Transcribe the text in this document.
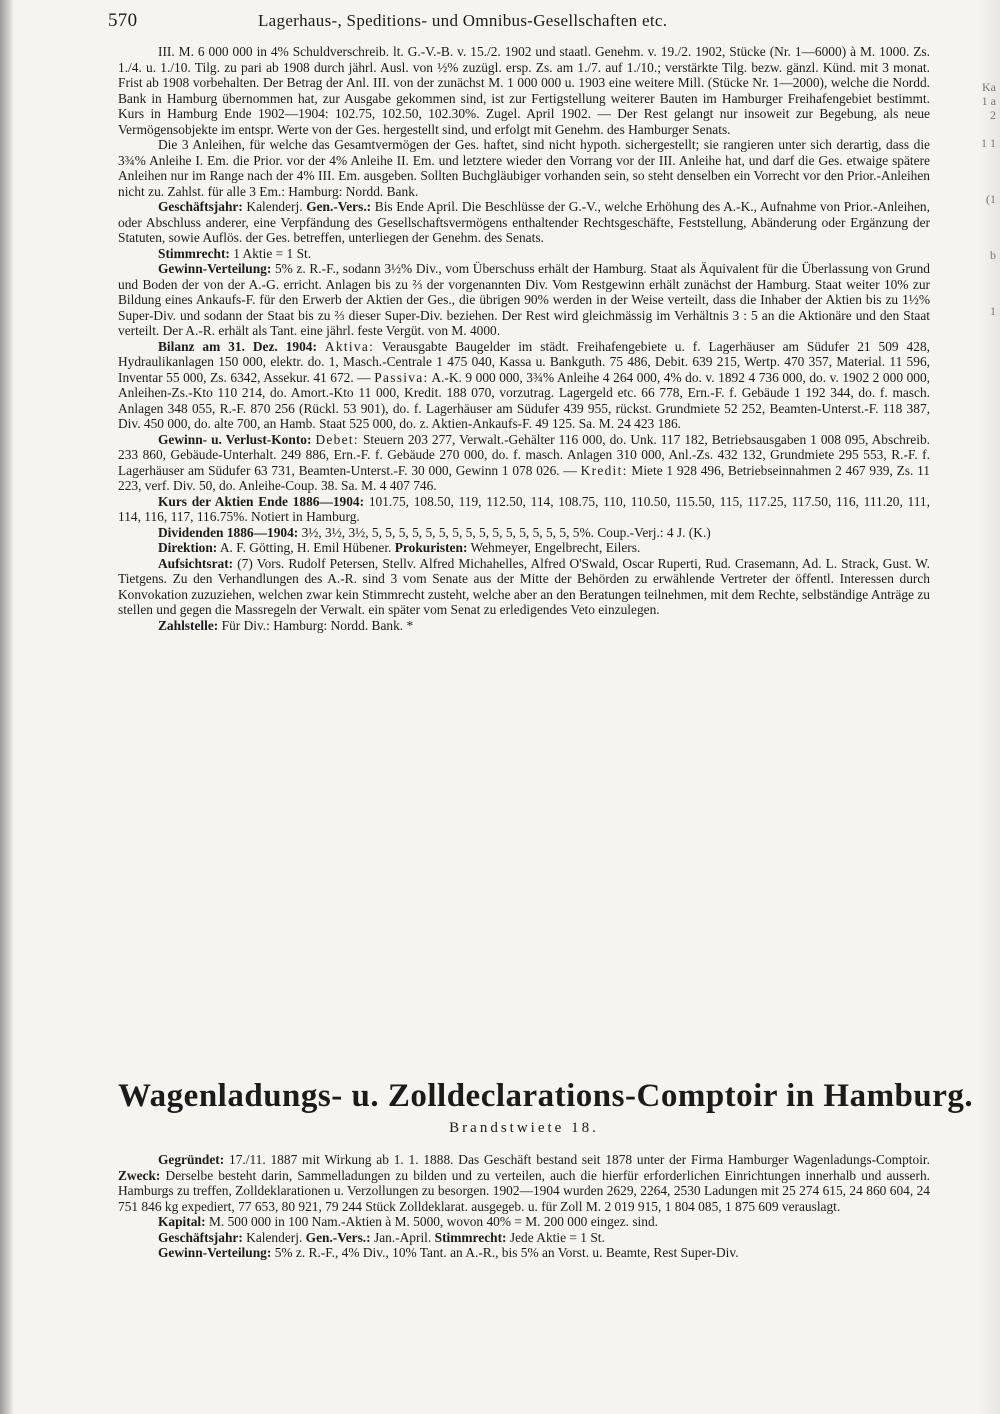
570	Lagerhaus-, Speditions- und Omnibus-Gesellschaften etc.

III. M. 6 000 000 in 4% Schuldverschreib. lt. G.-V.-B. v. 15./2. 1902 und staatl. Genehm. v. 19./2. 1902, Stücke (Nr. 1—6000) à M. 1000. Zs. 1./4. u. 1./10. Tilg. zu pari ab 1908 durch jährl. Ausl. von ½% zuzügl. ersp. Zs. am 1./7. auf 1./10.; verstärkte Tilg. bezw. gänzl. Künd. mit 3 monat. Frist ab 1908 vorbehalten. Der Betrag der Anl. III. von der zunächst M. 1 000 000 u. 1903 eine weitere Mill. (Stücke Nr. 1—2000), welche die Nordd. Bank in Hamburg übernommen hat, zur Ausgabe gekommen sind, ist zur Fertigstellung weiterer Bauten im Hamburger Freihafengebiet bestimmt. Kurs in Hamburg Ende 1902—1904: 102.75, 102.50, 102.30%. Zugel. April 1902. — Der Rest gelangt nur insoweit zur Begebung, als neue Vermögensobjekte im entspr. Werte von der Ges. hergestellt sind, und erfolgt mit Genehm. des Hamburger Senats.

Die 3 Anleihen, für welche das Gesamtvermögen der Ges. haftet, sind nicht hypoth. sichergestellt; sie rangieren unter sich derartig, dass die 3¾% Anleihe I. Em. die Prior. vor der 4% Anleihe II. Em. und letztere wieder den Vorrang vor der III. Anleihe hat, und darf die Ges. etwaige spätere Anleihen nur im Range nach der 4% III. Em. ausgeben. Sollten Buchgläubiger vorhanden sein, so steht denselben ein Vorrecht vor den Prior.-Anleihen nicht zu. Zahlst. für alle 3 Em.: Hamburg: Nordd. Bank.

Geschäftsjahr: Kalenderj. Gen.-Vers.: Bis Ende April. Die Beschlüsse der G.-V., welche Erhöhung des A.-K., Aufnahme von Prior.-Anleihen, oder Abschluss anderer, eine Verpfändung des Gesellschaftsvermögens enthaltender Rechtsgeschäfte, Feststellung, Abänderung oder Ergänzung der Statuten, sowie Auflös. der Ges. betreffen, unterliegen der Genehm. des Senats.

Stimmrecht: 1 Aktie = 1 St.

Gewinn-Verteilung: 5% z. R.-F., sodann 3½% Div., vom Überschuss erhält der Hamburg. Staat als Äquivalent für die Überlassung von Grund und Boden der von der A.-G. erricht. Anlagen bis zu ⅔ der vorgenannten Div. Vom Restgewinn erhält zunächst der Hamburg. Staat weiter 10% zur Bildung eines Ankaufs-F. für den Erwerb der Aktien der Ges., die übrigen 90% werden in der Weise verteilt, dass die Inhaber der Aktien bis zu 1½% Super-Div. und sodann der Staat bis zu ⅔ dieser Super-Div. beziehen. Der Rest wird gleichmässig im Verhältnis 3 : 5 an die Aktionäre und den Staat verteilt. Der A.-R. erhält als Tant. eine jährl. feste Vergüt. von M. 4000.

Bilanz am 31. Dez. 1904: Aktiva: Verausgabte Baugelder im städt. Freihafengebiete u. f. Lagerhäuser am Südufer 21 509 428, Hydraulikanlagen 150 000, elektr. do. 1, Masch.-Centrale 1 475 040, Kassa u. Bankguth. 75 486, Debit. 639 215, Wertp. 470 357, Material. 11 596, Inventar 55 000, Zs. 6342, Assekur. 41 672. — Passiva: A.-K. 9 000 000, 3¾% Anleihe 4 264 000, 4% do. v. 1892 4 736 000, do. v. 1902 2 000 000, Anleihen-Zs.-Kto 110 214, do. Amort.-Kto 11 000, Kredit. 188 070, vorzutrag. Lagergeld etc. 66 778, Ern.-F. f. Gebäude 1 192 344, do. f. masch. Anlagen 348 055, R.-F. 870 256 (Rückl. 53 901), do. f. Lagerhäuser am Südufer 439 955, rückst. Grundmiete 52 252, Beamten-Unterst.-F. 118 387, Div. 450 000, do. alte 700, an Hamb. Staat 525 000, do. z. Aktien-Ankaufs-F. 49 125. Sa. M. 24 423 186.

Gewinn- u. Verlust-Konto: Debet: Steuern 203 277, Verwalt.-Gehälter 116 000, do. Unk. 117 182, Betriebsausgaben 1 008 095, Abschreib. 233 860, Gebäude-Unterhalt. 249 886, Ern.-F. f. Gebäude 270 000, do. f. masch. Anlagen 310 000, Anl.-Zs. 432 132, Grundmiete 295 553, R.-F. f. Lagerhäuser am Südufer 63 731, Beamten-Unterst.-F. 30 000, Gewinn 1 078 026. — Kredit: Miete 1 928 496, Betriebseinnahmen 2 467 939, Zs. 11 223, verf. Div. 50, do. Anleihe-Coup. 38. Sa. M. 4 407 746.

Kurs der Aktien Ende 1886—1904: 101.75, 108.50, 119, 112.50, 114, 108.75, 110, 110.50, 115.50, 115, 117.25, 117.50, 116, 111.20, 111, 114, 116, 117, 116.75%. Notiert in Hamburg.

Dividenden 1886—1904: 3½, 3½, 3½, 5, 5, 5, 5, 5, 5, 5, 5, 5, 5, 5, 5, 5, 5, 5, 5%. Coup.-Verj.: 4 J. (K.)

Direktion: A. F. Götting, H. Emil Hübener. Prokuristen: Wehmeyer, Engelbrecht, Eilers.

Aufsichtsrat: (7) Vors. Rudolf Petersen, Stellv. Alfred Michahelles, Alfred O'Swald, Oscar Ruperti, Rud. Crasemann, Ad. L. Strack, Gust. W. Tietgens. Zu den Verhandlungen des A.-R. sind 3 vom Senate aus der Mitte der Behörden zu erwählende Vertreter der öffentl. Interessen durch Konvokation zuzuziehen, welchen zwar kein Stimmrecht zusteht, welche aber an den Beratungen teilnehmen, mit dem Rechte, selbständige Anträge zu stellen und gegen die Massregeln der Verwalt. ein später vom Senat zu erledigendes Veto einzulegen.

Zahlstelle: Für Div.: Hamburg: Nordd. Bank. *

Wagenladungs- u. Zolldeclarations-Comptoir in Hamburg.
Brandstwiete 18.

Gegründet: 17./11. 1887 mit Wirkung ab 1. 1. 1888. Das Geschäft bestand seit 1878 unter der Firma Hamburger Wagenladungs-Comptoir. Zweck: Derselbe besteht darin, Sammelladungen zu bilden und zu verteilen, auch die hierfür erforderlichen Einrichtungen innerhalb und ausserh. Hamburgs zu treffen, Zolldeklarationen u. Verzollungen zu besorgen. 1902—1904 wurden 2629, 2264, 2530 Ladungen mit 25 274 615, 24 860 604, 24 751 846 kg expediert, 77 653, 80 921, 79 244 Stück Zolldeklarat. ausgegeb. u. für Zoll M. 2 019 915, 1 804 085, 1 875 609 verauslagt.

Kapital: M. 500 000 in 100 Nam.-Aktien à M. 5000, wovon 40% = M. 200 000 eingez. sind.

Geschäftsjahr: Kalenderj. Gen.-Vers.: Jan.-April. Stimmrecht: Jede Aktie = 1 St.

Gewinn-Verteilung: 5% z. R.-F., 4% Div., 10% Tant. an A.-R., bis 5% an Vorst. u. Beamte, Rest Super-Div.

Ka
1 a
2

1 1

(1

b

1
